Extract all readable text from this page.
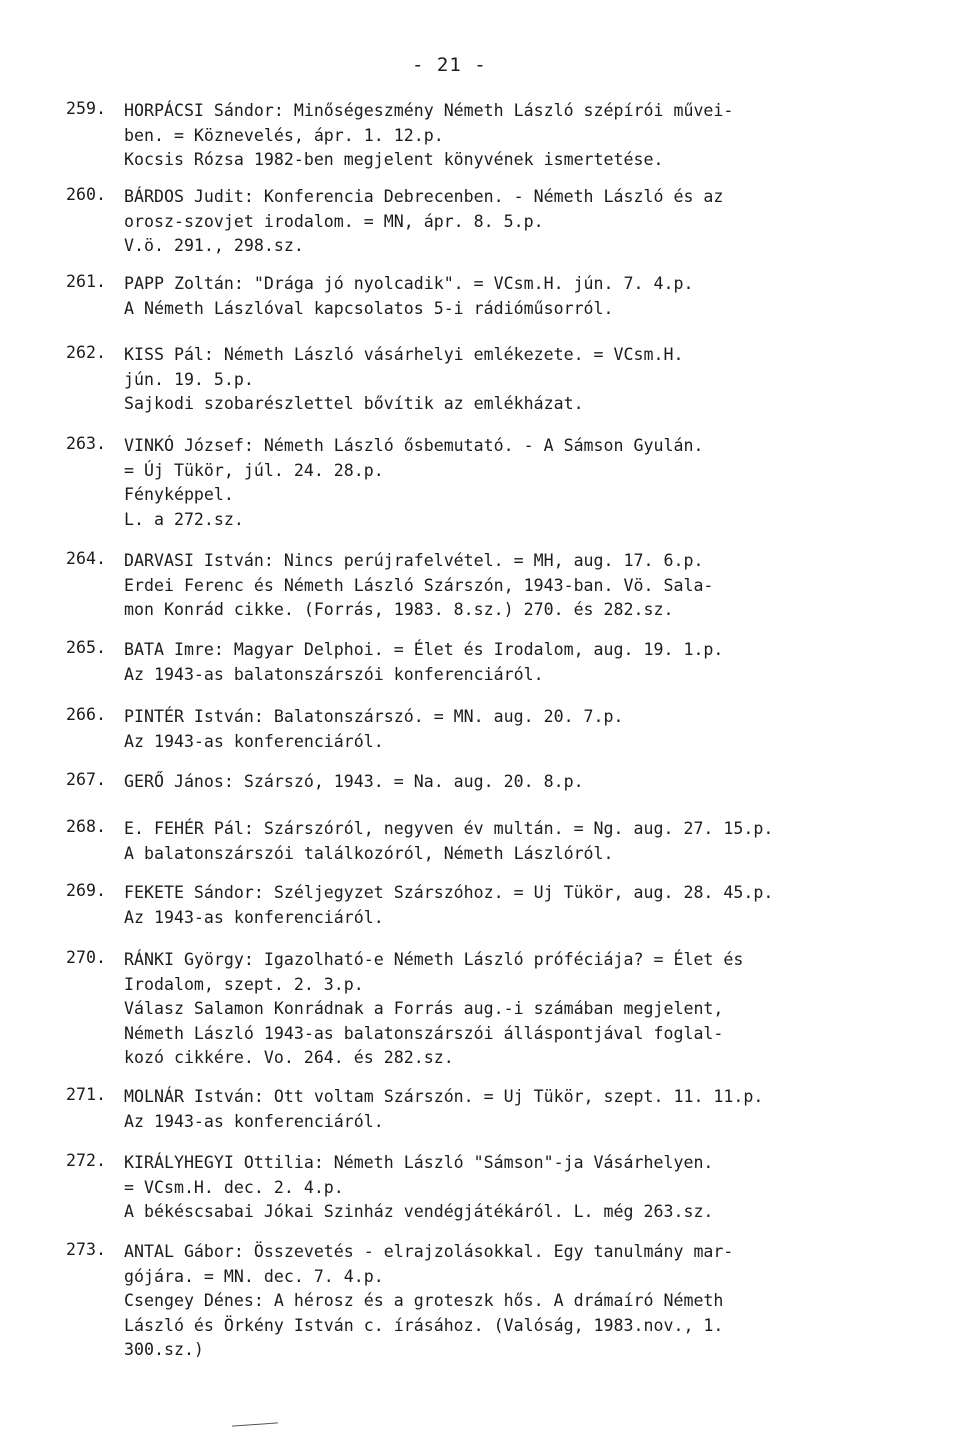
- 21 -
259.	HORPÁCSI Sándor: Minőségeszmény Németh László szépírói művei-
ben. = Köznevelés, ápr. 1. 12.p.
Kocsis Rózsa 1982-ben megjelent könyvének ismertetése.
260.	BÁRDOS Judit: Konferencia Debrecenben. - Németh László és az
orosz-szovjet irodalom. = MN, ápr. 8. 5.p.
V.ö. 291., 298.sz.
261.	PAPP Zoltán: "Drága jó nyolcadik". = VCsm.H. jún. 7. 4.p.
A Németh Lászlóval kapcsolatos 5-i rádióműsorról.
262.	KISS Pál: Németh László vásárhelyi emlékezete. = VCsm.H.
jún. 19. 5.p.
Sajkodi szobarészlettel bővítik az emlékházat.
263.	VINKÓ József: Németh László ősbemutató. - A Sámson Gyulán.
= Új Tükör, júl. 24. 28.p.
Fényképpel.
L. a 272.sz.
264.	DARVASI István: Nincs perújrafelvétel. = MH, aug. 17. 6.p.
Erdei Ferenc és Németh László Szárszón, 1943-ban. Vö. Sala-
mon Konrád cikke. (Forrás, 1983. 8.sz.) 270. és 282.sz.
265.	BATA Imre: Magyar Delphoi. = Élet és Irodalom, aug. 19. 1.p.
Az 1943-as balatonszárszói konferenciáról.
266.	PINTÉR István: Balatonszárszó. = MN. aug. 20. 7.p.
Az 1943-as konferenciáról.
267.	GERŐ János: Szárszó, 1943. = Na. aug. 20. 8.p.
268.	E. FEHÉR Pál: Szárszóról, negyven év multán. = Ng. aug. 27. 15.p.
A balatonszárszói találkozóról, Németh Lászlóról.
269.	FEKETE Sándor: Széljegyzet Szárszóhoz. = Uj Tükör, aug. 28. 45.p.
Az 1943-as konferenciáról.
270.	RÁNKI György: Igazolható-e Németh László próféciája? = Élet és
Irodalom, szept. 2. 3.p.
Válasz Salamon Konrádnak a Forrás aug.-i számában megjelent,
Németh László 1943-as balatonszárszói álláspontjával foglal-
kozó cikkére. Vo. 264. és 282.sz.
271.	MOLNÁR István: Ott voltam Szárszón. = Uj Tükör, szept. 11. 11.p.
Az 1943-as konferenciáról.
272.	KIRÁLYHEGYI Ottilia: Németh László "Sámson"-ja Vásárhelyen.
= VCsm.H. dec. 2. 4.p.
A békéscsabai Jókai Szinház vendégjátékáról. L. még 263.sz.
273.	ANTAL Gábor: Összevetés - elrajzolásokkal. Egy tanulmány mar-
gójára. = MN. dec. 7. 4.p.
Csengey Dénes: A hérosz és a groteszk hős. A drámaíró Németh
László és Örkény István c. írásához. (Valóság, 1983.nov., 1.
300.sz.)
